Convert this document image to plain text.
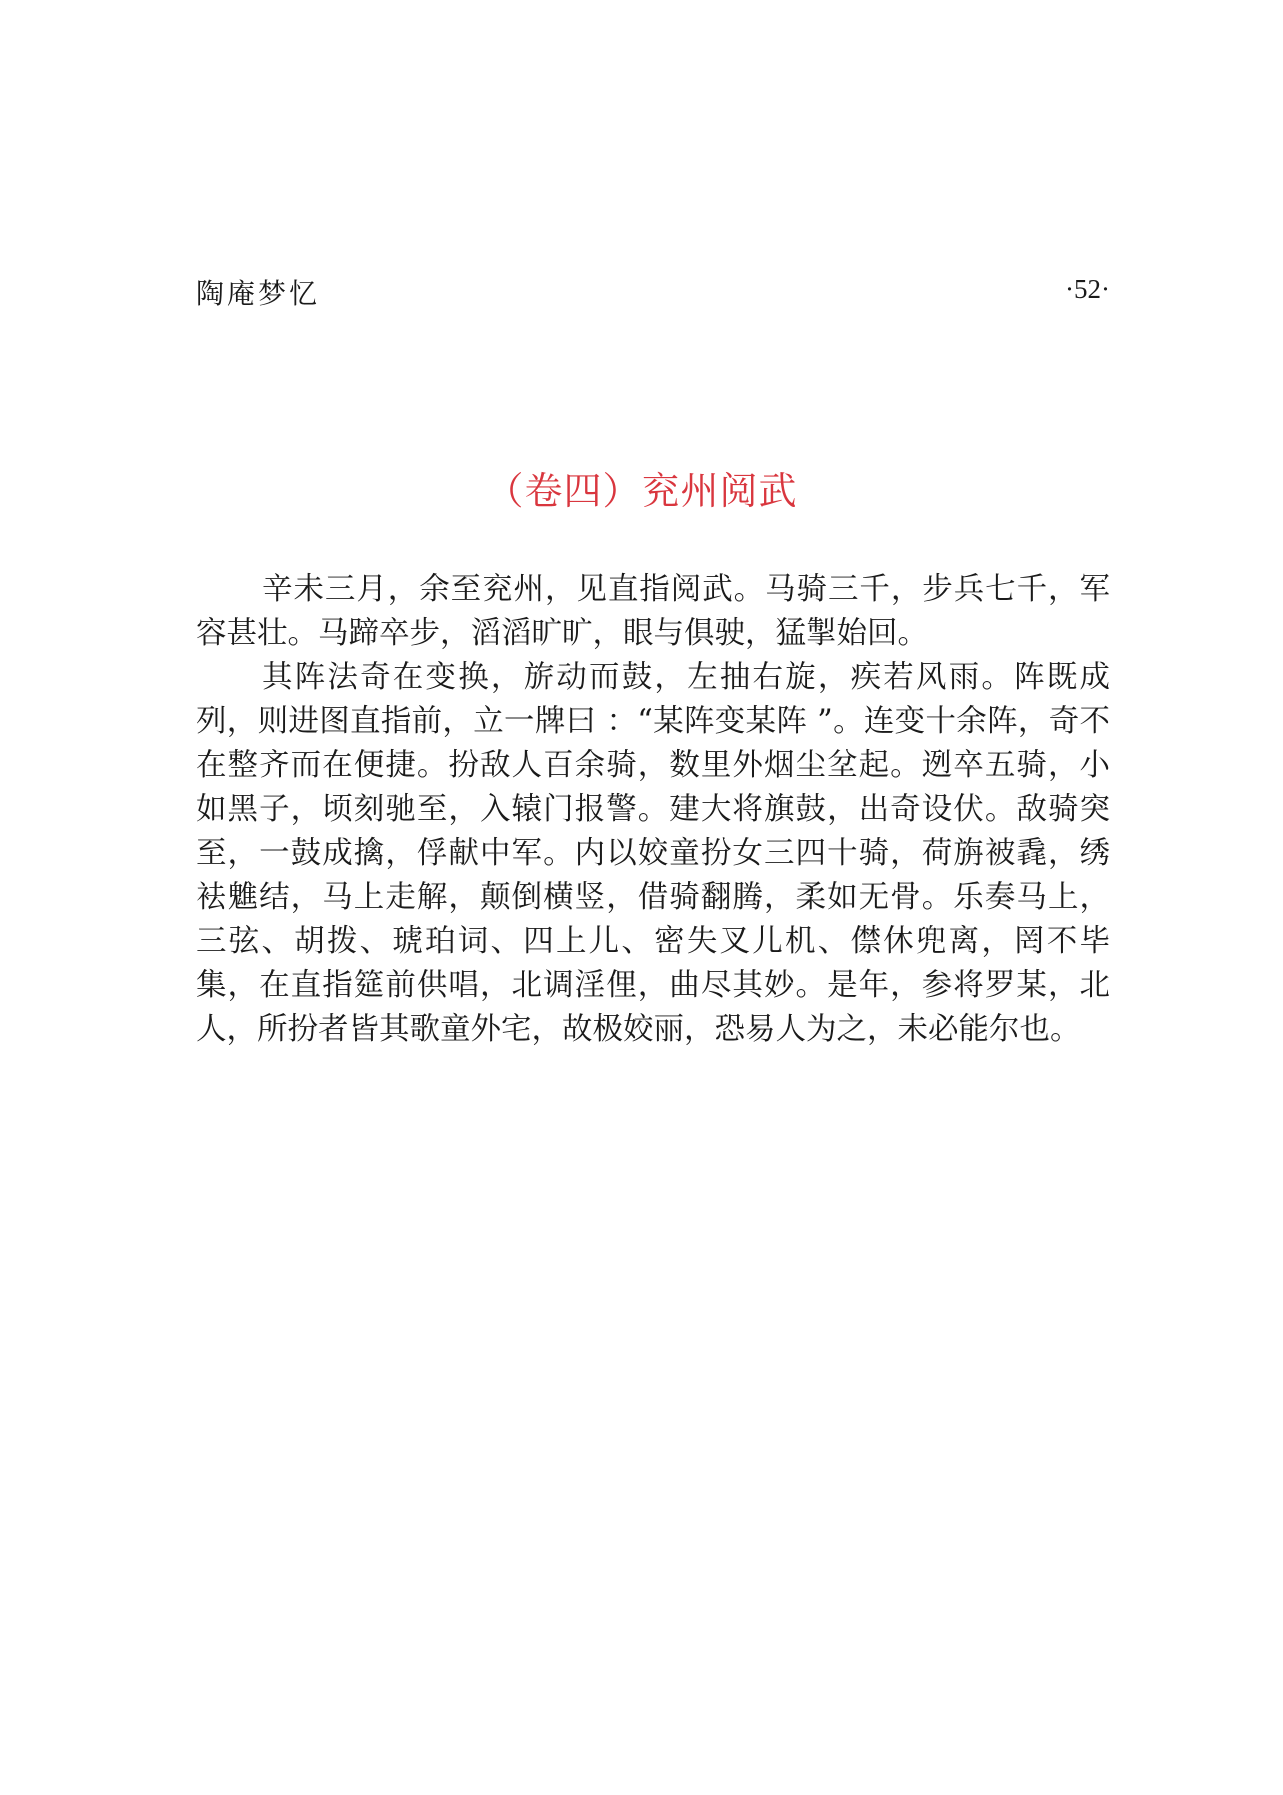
陶庵梦忆	·52·
（卷四）兖州阅武

辛未三月，余至兖州，见直指阅武。马骑三千，步兵七千，军容甚壮。马蹄卒步，滔滔旷旷，眼与俱驶，猛掣始回。

其阵法奇在变换，旂动而鼓，左抽右旋，疾若风雨。阵既成列，则进图直指前，立一牌曰 ：“某阵变某阵 ”。连变十余阵，奇不在整齐而在便捷。扮敌人百余骑，数里外烟尘坌起。迾卒五骑，小如黑子，顷刻驰至，入辕门报警。建大将旗鼓，出奇设伏。敌骑突至，一鼓成擒，俘献中军。内以姣童扮女三四十骑，荷旃被毳，绣袪魋结，马上走解，颠倒横竖，借骑翻腾，柔如无骨。乐奏马上，三弦、胡拨、琥珀词、四上儿、密失叉儿机、僸休兜离，罔不毕集，在直指筵前供唱，北调淫俚，曲尽其妙。是年，参将罗某，北人，所扮者皆其歌童外宅，故极姣丽，恐易人为之，未必能尔也。
